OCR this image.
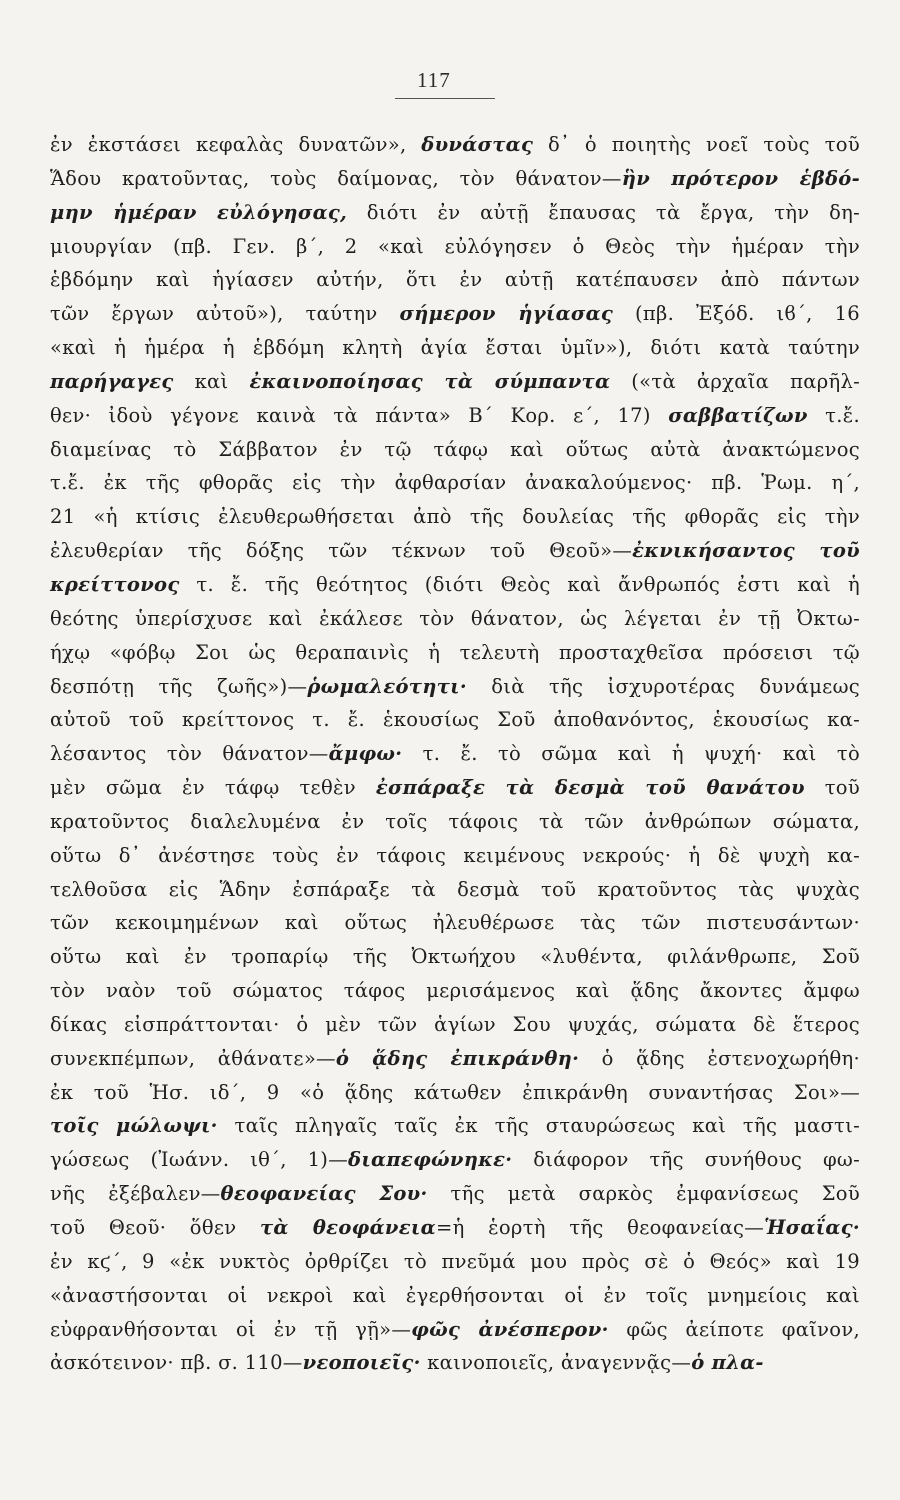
117
ἐν ἐκστάσει κεφαλὰς δυνατῶν», δυνάστας δ᾽ ὁ ποιητὴς νοεῖ τοὺς τοῦ
Ἅδου κρατοῦντας, τοὺς δαίμονας, τὸν θάνατον—ἣν πρότερον ἑβδό-
μην ἡμέραν εὐλόγησας, διότι ἐν αὐτῇ ἔπαυσας τὰ ἔργα, τὴν δη-
μιουργίαν (πβ. Γεν. β΄, 2 «καὶ εὐλόγησεν ὁ Θεὸς τὴν ἡμέραν τὴν
ἑβδόμην καὶ ἡγίασεν αὐτήν, ὅτι ἐν αὐτῇ κατέπαυσεν ἀπὸ πάντων
τῶν ἔργων αὐτοῦ»), ταύτην σήμερον ἡγίασας (πβ. Ἐξόδ. ιϐ΄, 16
«καὶ ἡ ἡμέρα ἡ ἑβδόμη κλητὴ ἁγία ἔσται ὑμῖν»), διότι κατὰ ταύτην
παρήγαγες καὶ ἐκαινοποίησας τὰ σύμπαντα («τὰ ἀρχαῖα παρῆλ-
θεν· ἰδοὺ γέγονε καινὰ τὰ πάντα» Β΄ Κορ. ε΄, 17) σαββατίζων τ.ἔ.
διαμείνας τὸ Σάββατον ἐν τῷ τάφῳ καὶ οὕτως αὐτὰ ἀνακτώμενος
τ.ἔ. ἐκ τῆς φθορᾶς εἰς τὴν ἀφθαρσίαν ἀνακαλούμενος· πβ. Ῥωμ. η΄,
21 «ἡ κτίσις ἐλευθερωθήσεται ἀπὸ τῆς δουλείας τῆς φθορᾶς εἰς τὴν
ἐλευθερίαν τῆς δόξης τῶν τέκνων τοῦ Θεοῦ»—ἐκνικήσαντος τοῦ
κρείττονος τ. ἔ. τῆς θεότητος (διότι Θεὸς καὶ ἄνθρωπός ἐστι καὶ ἡ
θεότης ὑπερίσχυσε καὶ ἐκάλεσε τὸν θάνατον, ὡς λέγεται ἐν τῇ Ὀκτω-
ήχῳ «φόβῳ Σοι ὡς θεραπαινὶς ἡ τελευτὴ προσταχθεῖσα πρόσεισι τῷ
δεσπότῃ τῆς ζωῆς»)—ῥωμαλεότητι· διὰ τῆς ἰσχυροτέρας δυνάμεως
αὐτοῦ τοῦ κρείττονος τ. ἔ. ἑκουσίως Σοῦ ἀποθανόντος, ἑκουσίως κα-
λέσαντος τὸν θάνατον—ἄμφω· τ. ἔ. τὸ σῶμα καὶ ἡ ψυχή· καὶ τὸ
μὲν σῶμα ἐν τάφῳ τεθὲν ἐσπάραξε τὰ δεσμὰ τοῦ θανάτου τοῦ
κρατοῦντος διαλελυμένα ἐν τοῖς τάφοις τὰ τῶν ἀνθρώπων σώματα,
οὕτω δ᾽ ἀνέστησε τοὺς ἐν τάφοις κειμένους νεκρούς· ἡ δὲ ψυχὴ κα-
τελθοῦσα εἰς Ἅδην ἐσπάραξε τὰ δεσμὰ τοῦ κρατοῦντος τὰς ψυχὰς
τῶν κεκοιμημένων καὶ οὕτως ἠλευθέρωσε τὰς τῶν πιστευσάντων·
οὕτω καὶ ἐν τροπαρίῳ τῆς Ὀκτωήχου «λυθέντα, φιλάνθρωπε, Σοῦ
τὸν ναὸν τοῦ σώματος τάφος μερισάμενος καὶ ᾅδης ἄκοντες ἄμφω
δίκας εἰσπράττονται· ὁ μὲν τῶν ἁγίων Σου ψυχάς, σώματα δὲ ἕτερος
συνεκπέμπων, ἀθάνατε»—ὁ ᾅδης ἐπικράνθη· ὁ ᾅδης ἐστενοχωρήθη·
ἐκ τοῦ Ἡσ. ιδ΄, 9 «ὁ ᾅδης κάτωθεν ἐπικράνθη συναντήσας Σοι»—
τοῖς μώλωψι· ταῖς πληγαῖς ταῖς ἐκ τῆς σταυρώσεως καὶ τῆς μαστι-
γώσεως (Ἰωάνν. ιθ΄, 1)—διαπεφώνηκε· διάφορον τῆς συνήθους φω-
νῆς ἐξέβαλεν—θεοφανείας Σου· τῆς μετὰ σαρκὸς ἐμφανίσεως Σοῦ
τοῦ Θεοῦ· ὅθεν τὰ θεοφάνεια=ἡ ἑορτὴ τῆς θεοφανείας—Ἡσαΐας·
ἐν κϛ΄, 9 «ἐκ νυκτὸς ὀρθρίζει τὸ πνεῦμά μου πρὸς σὲ ὁ Θεός» καὶ 19
«ἀναστήσονται οἱ νεκροὶ καὶ ἐγερθήσονται οἱ ἐν τοῖς μνημείοις καὶ
εὐφρανθήσονται οἱ ἐν τῇ γῇ»—φῶς ἀνέσπερον· φῶς ἀείποτε φαῖνον,
ἀσκότεινον· πβ. σ. 110—νεοποιεῖς· καινοποιεῖς, ἀναγεννᾷς—ὁ πλα-
